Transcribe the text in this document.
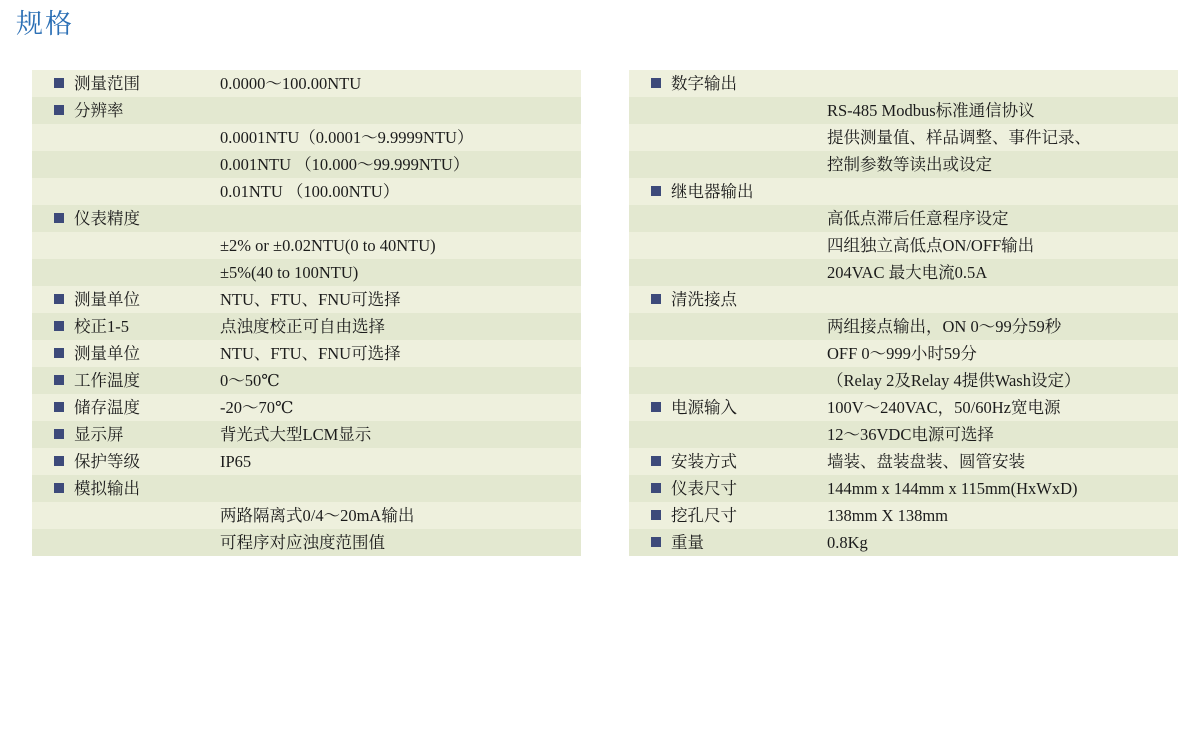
规格
测量范围	0.0000～100.00NTU
分辨率	
	0.0001NTU（0.0001～9.9999NTU）
	0.001NTU （10.000～99.999NTU）
	0.01NTU （100.00NTU）
仪表精度	
	±2% or ±0.02NTU(0 to 40NTU)
	±5%(40 to 100NTU)
测量单位	NTU、FTU、FNU可选择
校正1-5	点浊度校正可自由选择
测量单位	NTU、FTU、FNU可选择
工作温度	0～50℃
储存温度	-20～70℃
显示屏	背光式大型LCM显示
保护等级	IP65
模拟输出	
	两路隔离式0/4～20mA输出
	可程序对应浊度范围值
数字输出	
	RS-485 Modbus标准通信协议
	提供测量值、样品调整、事件记录、
	控制参数等读出或设定
继电器输出	
	高低点滞后任意程序设定
	四组独立高低点ON/OFF输出
	204VAC 最大电流0.5A
清洗接点	
	两组接点输出，ON 0～99分59秒
	OFF 0～999小时59分
	（Relay 2及Relay 4提供Wash设定）
电源输入	100V～240VAC，50/60Hz宽电源
	12～36VDC电源可选择
安装方式	墙装、盘装盘装、圆管安装
仪表尺寸	144mm x 144mm x 115mm(HxWxD)
挖孔尺寸	138mm X 138mm
重量	0.8Kg
